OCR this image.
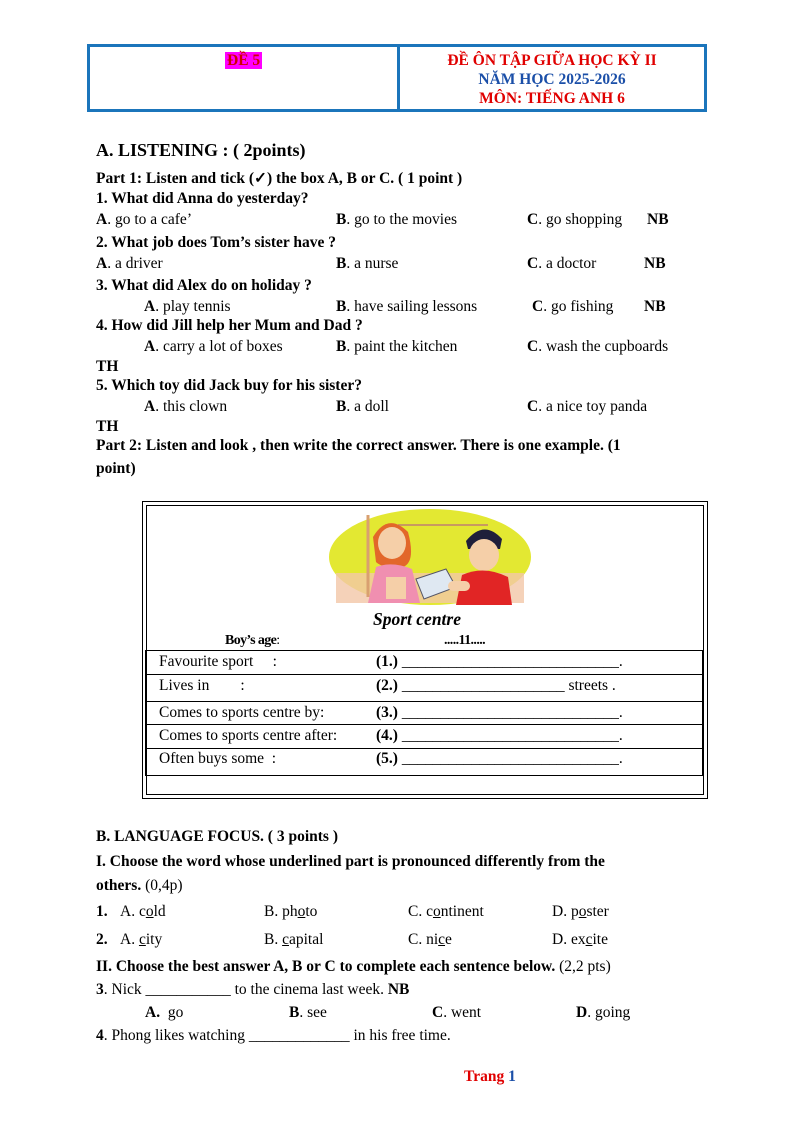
ĐỀ 5	ĐỀ ÔN TẬP GIỮA HỌC KỲ II
NĂM HỌC 2025-2026
MÔN: TIẾNG ANH 6
A. LISTENING : ( 2points)
Part 1: Listen and tick (✓) the box A, B or C. ( 1 point )
1. What did Anna do yesterday?
A. go to a cafe’	B. go to the movies	C. go shopping NB
2. What job does Tom’s sister have ?
A. a driver	B. a nurse	C. a doctor	NB
3. What did Alex do on holiday ?
A. play tennis	B. have sailing lessons	C. go fishing NB
4. How did Jill help her Mum and Dad ?
A. carry a lot of boxes	B. paint the kitchen	C. wash the cupboards
TH
5. Which toy did Jack buy for his sister?
A. this clown	B. a doll	C. a nice toy panda
TH
Part 2: Listen and look , then write the correct answer. There is one example. (1
point)
Sport centre
Boy’s age:	.....11.....
Favourite sport     :	(1.) ____________________________.
Lives in        :	(2.) _____________________ streets .
Comes to sports centre by:	(3.) ____________________________.
Comes to sports centre after:	(4.) ____________________________.
Often buys some  :	(5.) ____________________________.
B. LANGUAGE FOCUS. ( 3 points )
I. Choose the word whose underlined part is pronounced differently from the
others. (0,4p)
1. A. cold	B. photo	C. continent	D. poster
2. A. city	B. capital	C. nice	D. excite
II. Choose the best answer A, B or C to complete each sentence below. (2,2 pts)
3. Nick ___________ to the cinema last week. NB
A. go	B. see	C. went	D. going
4. Phong likes watching _____________ in his free time.
Trang 1
